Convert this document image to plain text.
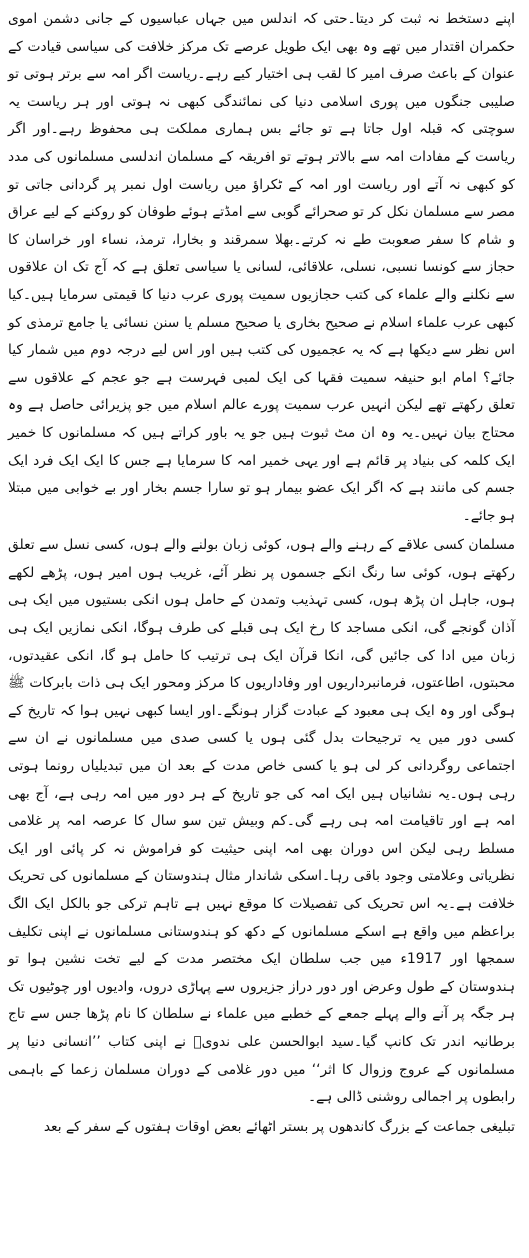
اپنے دستخط نہ ثبت کر دیتا۔حتی کہ اندلس میں جہاں عباسیوں کے جانی دشمن اموی حکمران اقتدار میں تھے وہ بھی ایک طویل عرصے تک مرکز خلافت کی سیاسی قیادت کے عنوان کے باعث صرف امیر کا لقب ہی اختیار کیے رہے۔ریاست اگر امہ سے برتر ہوتی تو صلیبی جنگوں میں پوری اسلامی دنیا کی نمائندگی کبھی نہ ہوتی اور ہر ریاست یہ سوچتی کہ قبلہ اول جاتا ہے تو جائے بس ہماری مملکت ہی محفوظ رہے۔اور اگر ریاست کے مفادات امہ سے بالاتر ہوتے تو افریقہ کے مسلمان اندلسی مسلمانوں کی مدد کو کبھی نہ آتے اور ریاست اور امہ کے ٹکراؤ میں ریاست اول نمبر پر گردانی جاتی تو مصر سے مسلمان نکل کر تو صحرائے گوبی سے امڈتے ہوئے طوفان کو روکنے کے لیے عراق و شام کا سفر صعوبت طے نہ کرتے۔بھلا سمرقند و بخارا، ترمذ، نساء اور خراسان کا حجاز سے کونسا نسبی، نسلی، علاقائی، لسانی یا سیاسی تعلق ہے کہ آج تک ان علاقوں سے نکلنے والے علماء کی کتب حجازیوں سمیت پوری عرب دنیا کا قیمتی سرمایا ہیں۔کیا کبھی عرب علماء اسلام نے صحیح بخاری یا صحیح مسلم یا سنن نسائی یا جامع ترمذی کو اس نظر سے دیکھا ہے کہ یہ عجمیوں کی کتب ہیں اور اس لیے درجہ دوم میں شمار کیا جائے؟ امام ابو حنیفہ سمیت فقہا کی ایک لمبی فہرست ہے جو عجم کے علاقوں سے تعلق رکھتے تھے لیکن انہیں عرب سمیت پورے عالم اسلام میں جو پزیرائی حاصل ہے وہ محتاج بیان نہیں۔یہ وہ ان مٹ ثبوت ہیں جو یہ باور کراتے ہیں کہ مسلمانوں کا خمیر ایک کلمہ کی بنیاد پر قائم ہے اور یہی خمیر امہ کا سرمایا ہے جس کا ایک ایک فرد ایک جسم کی مانند ہے کہ اگر ایک عضو بیمار ہو تو سارا جسم بخار اور بے خوابی میں مبتلا ہو جائے۔

مسلمان کسی علاقے کے رہنے والے ہوں، کوئی زبان بولنے والے ہوں، کسی نسل سے تعلق رکھتے ہوں، کوئی سا رنگ انکے جسموں پر نظر آئے، غریب ہوں امیر ہوں، پڑھے لکھے ہوں، جاہل ان پڑھ ہوں، کسی تہذیب وتمدن کے حامل ہوں انکی بستیوں میں ایک ہی آذان گونجے گی، انکی مساجد کا رخ ایک ہی قبلے کی طرف ہوگا، انکی نمازیں ایک ہی زبان میں ادا کی جائیں گی، انکا قرآن ایک ہی ترتیب کا حامل ہو گا، انکی عقیدتوں، محبتوں، اطاعتوں، فرمانبرداریوں اور وفاداریوں کا مرکز ومحور ایک ہی ذات بابرکات ﷺ ہوگی اور وہ ایک ہی معبود کے عبادت گزار ہونگے۔اور ایسا کبھی نہیں ہوا کہ تاریخ کے کسی دور میں یہ ترجیحات بدل گئی ہوں یا کسی صدی میں مسلمانوں نے ان سے اجتماعی روگردانی کر لی ہو یا کسی خاص مدت کے بعد ان میں تبدیلیاں رونما ہوتی رہی ہوں۔یہ نشانیاں ہیں ایک امہ کی جو تاریخ کے ہر دور میں امہ رہی ہے، آج بھی امہ ہے اور تاقیامت امہ ہی رہے گی۔کم وبیش تین سو سال کا عرصہ امہ پر غلامی مسلط رہی لیکن اس دوران بھی امہ اپنی حیثیت کو فراموش نہ کر پائی اور ایک نظریاتی وعلامتی وجود باقی رہا۔اسکی شاندار مثال ہندوستان کے مسلمانوں کی تحریک خلافت ہے۔یہ اس تحریک کی تفصیلات کا موقع نہیں ہے تاہم ترکی جو بالکل ایک الگ براعظم میں واقع ہے اسکے مسلمانوں کے دکھ کو ہندوستانی مسلمانوں نے اپنی تکلیف سمجھا اور 1917ء میں جب سلطان ایک مختصر مدت کے لیے تخت نشین ہوا تو ہندوستان کے طول وعرض اور دور دراز جزیروں سے پہاڑی دروں، وادیوں اور چوٹیوں تک ہر جگہ پر آنے والے پہلے جمعے کے خطبے میں علماء نے سلطان کا نام پڑھا جس سے تاج برطانیہ اندر تک کانپ گیا۔سید ابوالحسن علی ندویؒ نے اپنی کتاب ’’انسانی دنیا پر مسلمانوں کے عروج وزوال کا اثر‘‘ میں دور غلامی کے دوران مسلمان زعما کے باہمی رابطوں پر اجمالی روشنی ڈالی ہے۔

تبلیغی جماعت کے بزرگ کاندھوں پر بستر اٹھائے بعض اوقات ہفتوں کے سفر کے بعد
